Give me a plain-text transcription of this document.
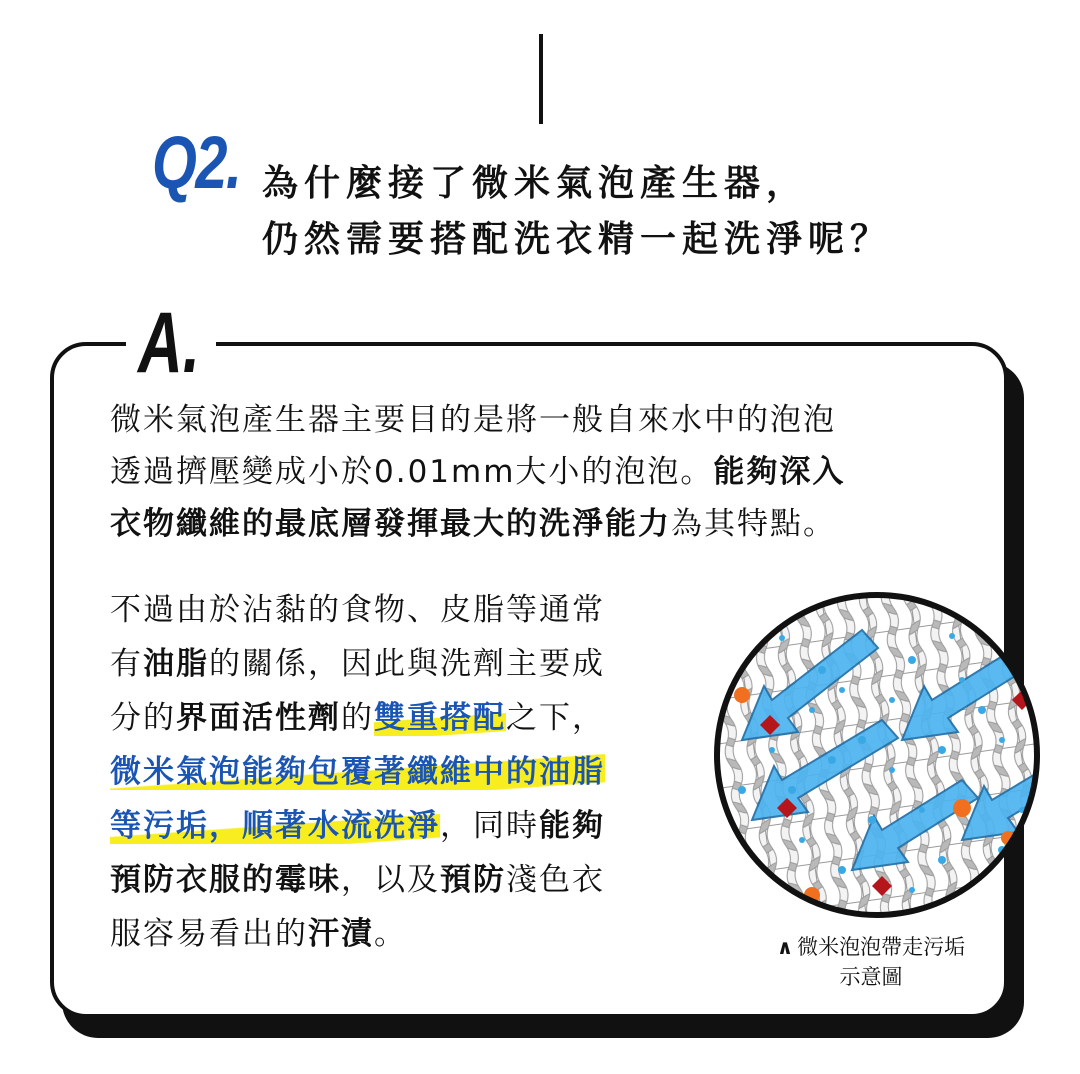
Q2. 為什麼接了微米氣泡產生器，
仍然需要搭配洗衣精一起洗淨呢？
A.
微米氣泡產生器主要目的是將一般自來水中的泡泡
透過擠壓變成小於0.01mm大小的泡泡。能夠深入
衣物纖維的最底層發揮最大的洗淨能力為其特點。
不過由於沾黏的食物、皮脂等通常
有油脂的關係，因此與洗劑主要成
分的界面活性劑的雙重搭配之下，
微米氣泡能夠包覆著纖維中的油脂
等污垢，順著水流洗淨，同時能夠
預防衣服的霉味，以及預防淺色衣
服容易看出的汗漬。	∧ 微米泡泡帶走污垢
示意圖
